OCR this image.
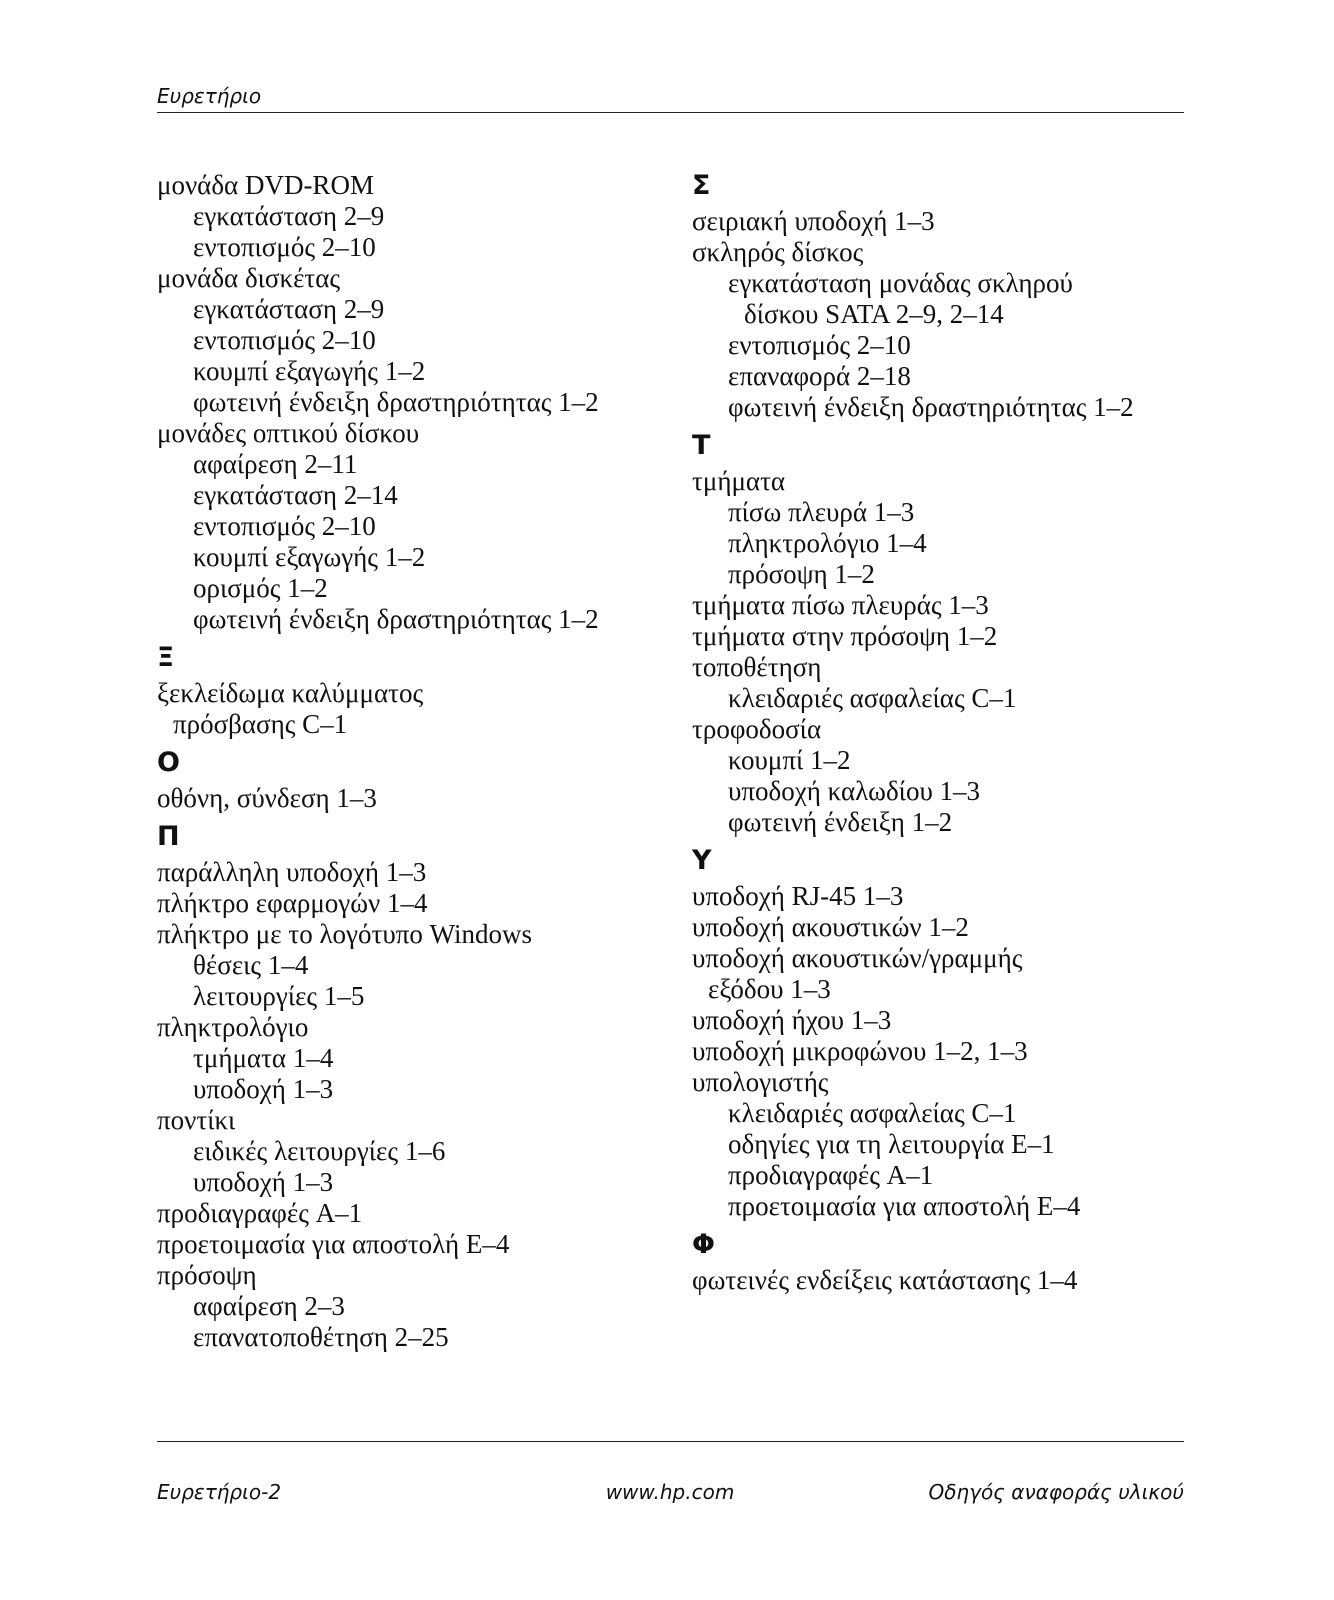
Ευρετήριο
μονάδα DVD-ROM
εγκατάσταση 2–9
εντοπισμός 2–10
μονάδα δισκέτας
εγκατάσταση 2–9
εντοπισμός 2–10
κουμπί εξαγωγής 1–2
φωτεινή ένδειξη δραστηριότητας 1–2
μονάδες οπτικού δίσκου
αφαίρεση 2–11
εγκατάσταση 2–14
εντοπισμός 2–10
κουμπί εξαγωγής 1–2
ορισμός 1–2
φωτεινή ένδειξη δραστηριότητας 1–2
Ξ
ξεκλείδωμα καλύμματος
πρόσβασης C–1
Ο
οθόνη, σύνδεση 1–3
Π
παράλληλη υποδοχή 1–3
πλήκτρο εφαρμογών 1–4
πλήκτρο με το λογότυπο Windows
θέσεις 1–4
λειτουργίες 1–5
πληκτρολόγιο
τμήματα 1–4
υποδοχή 1–3
ποντίκι
ειδικές λειτουργίες 1–6
υποδοχή 1–3
προδιαγραφές A–1
προετοιμασία για αποστολή E–4
πρόσοψη
αφαίρεση 2–3
επανατοποθέτηση 2–25
Σ
σειριακή υποδοχή 1–3
σκληρός δίσκος
εγκατάσταση μονάδας σκληρού
δίσκου SATA 2–9, 2–14
εντοπισμός 2–10
επαναφορά 2–18
φωτεινή ένδειξη δραστηριότητας 1–2
Τ
τμήματα
πίσω πλευρά 1–3
πληκτρολόγιο 1–4
πρόσοψη 1–2
τμήματα πίσω πλευράς 1–3
τμήματα στην πρόσοψη 1–2
τοποθέτηση
κλειδαριές ασφαλείας C–1
τροφοδοσία
κουμπί 1–2
υποδοχή καλωδίου 1–3
φωτεινή ένδειξη 1–2
Υ
υποδοχή RJ-45 1–3
υποδοχή ακουστικών 1–2
υποδοχή ακουστικών/γραμμής
εξόδου 1–3
υποδοχή ήχου 1–3
υποδοχή μικροφώνου 1–2, 1–3
υπολογιστής
κλειδαριές ασφαλείας C–1
οδηγίες για τη λειτουργία E–1
προδιαγραφές A–1
προετοιμασία για αποστολή E–4
Φ
φωτεινές ενδείξεις κατάστασης 1–4
Ευρετήριο-2	www.hp.com	Οδηγός αναφοράς υλικού
